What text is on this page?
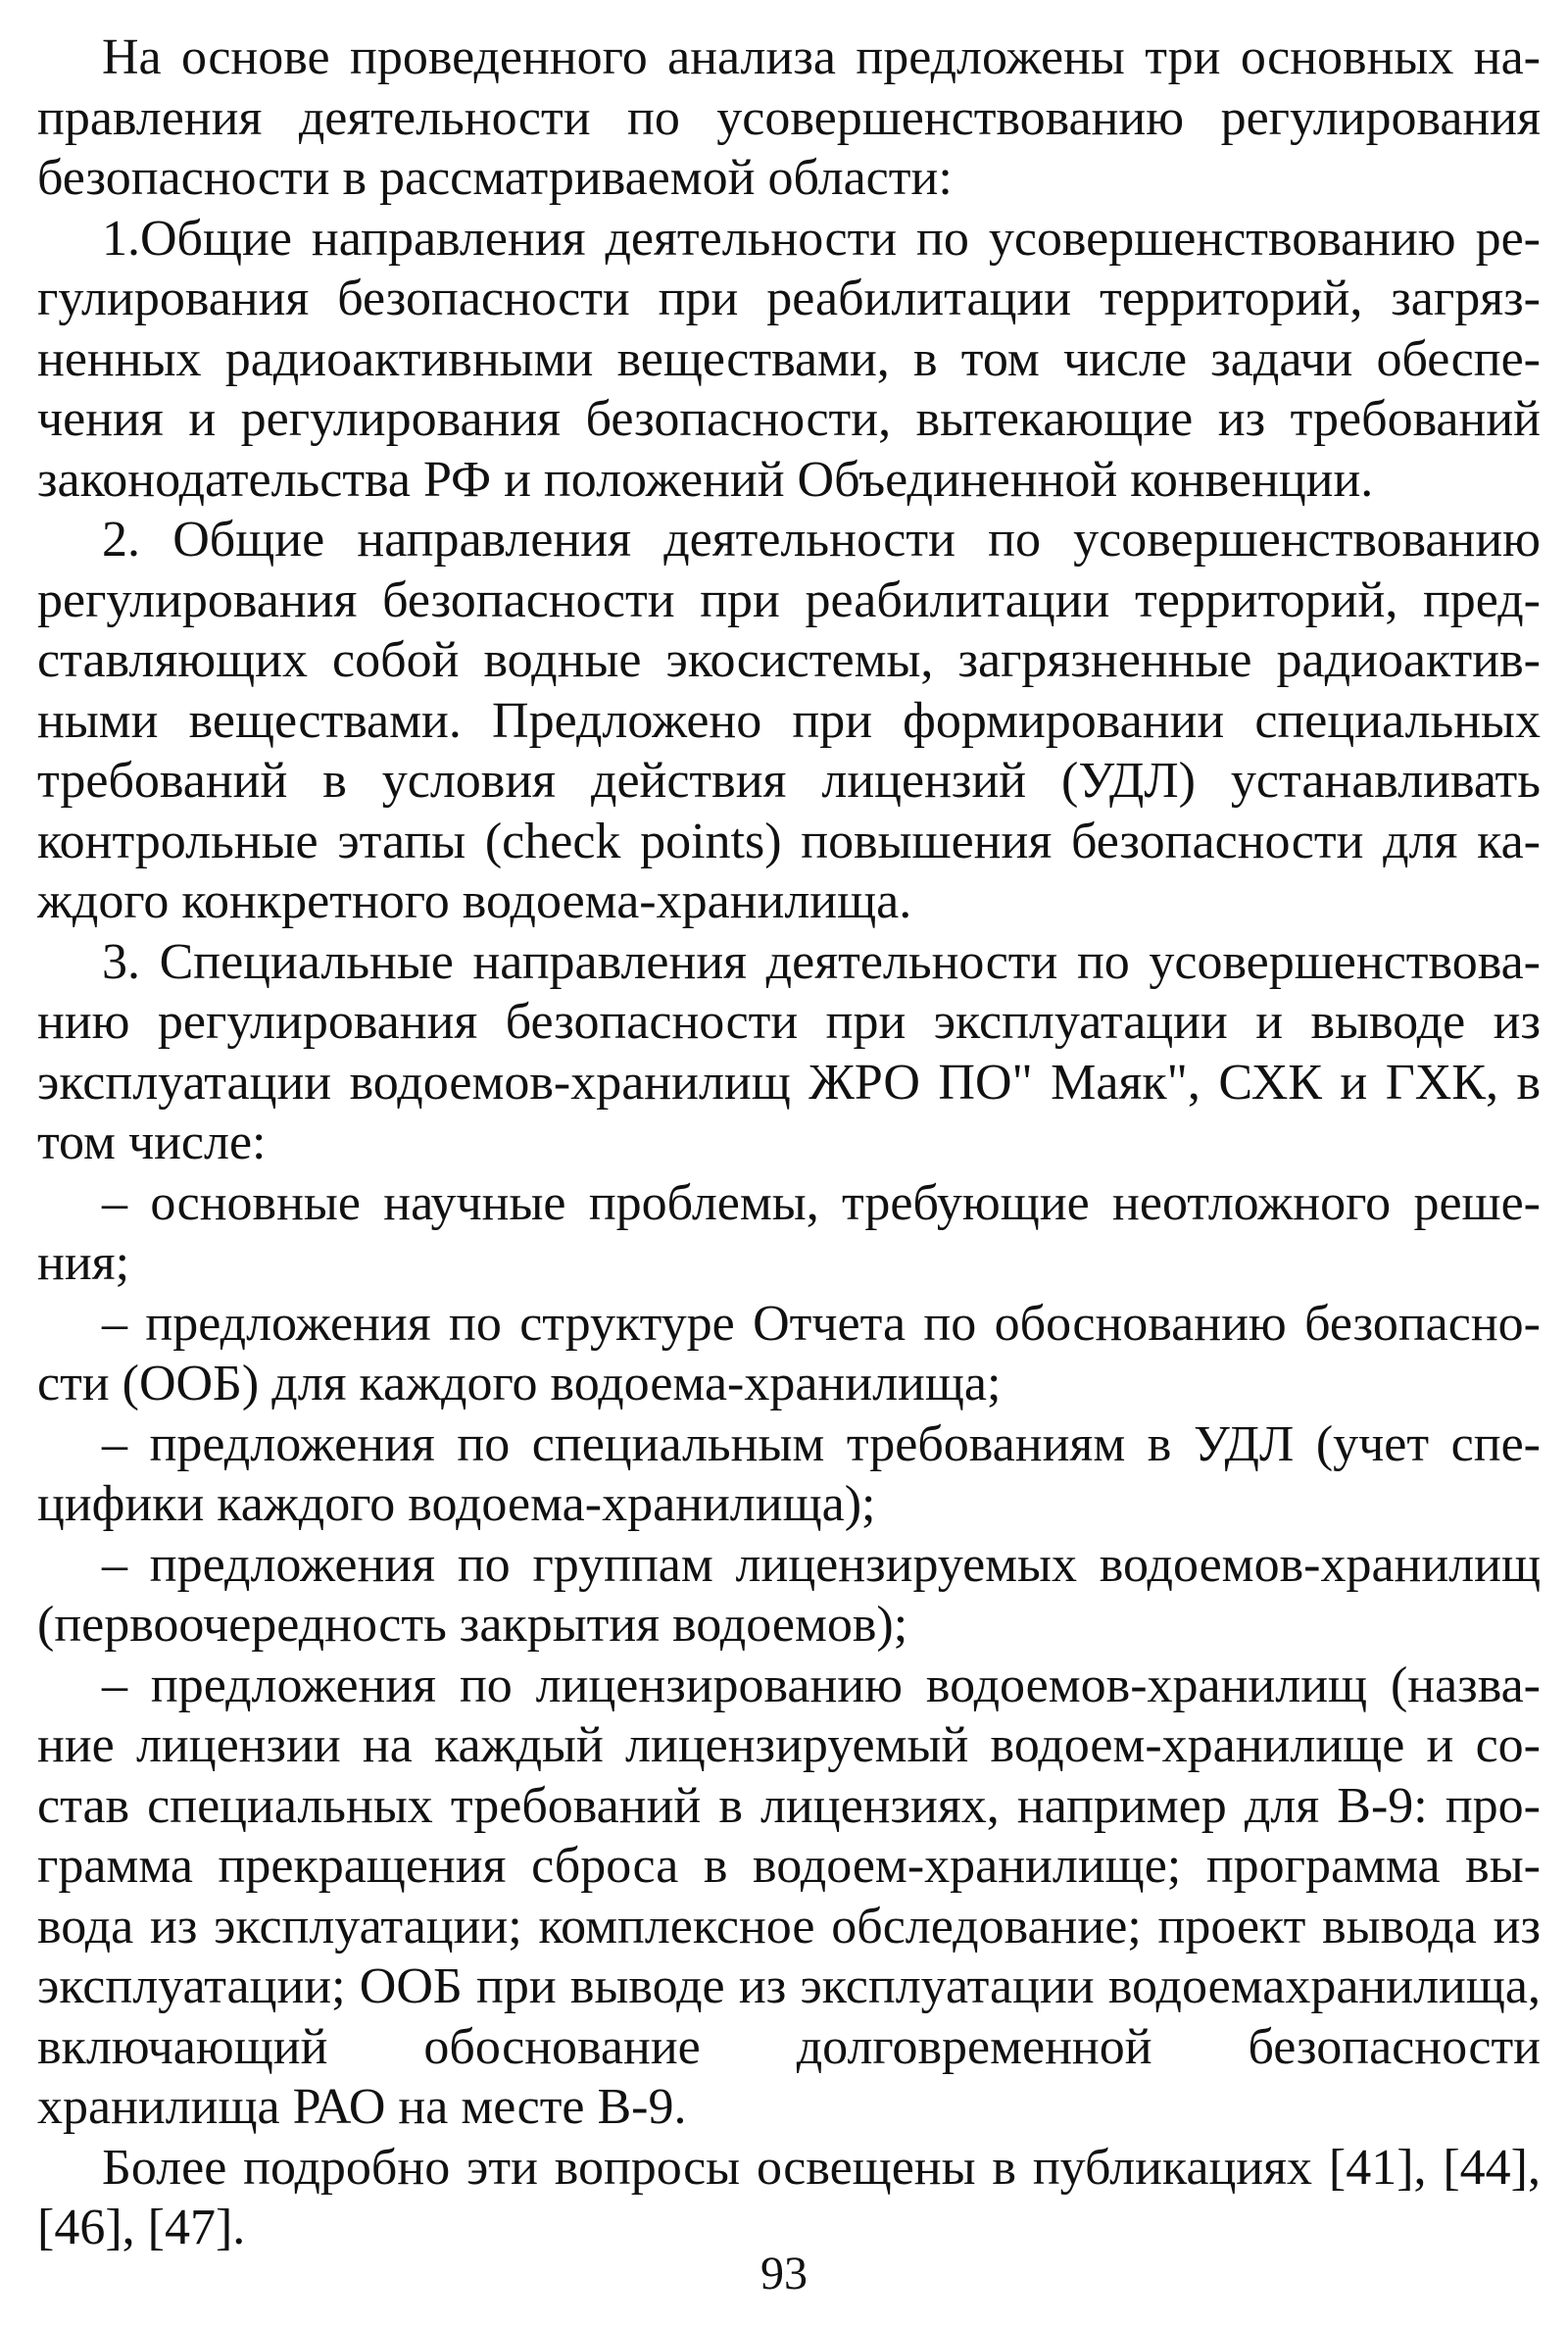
На основе проведенного анализа предложены три основных направления деятельности по усовершенствованию регулирования безопасности в рассматриваемой области:

1.Общие направления деятельности по усовершенствованию регулирования безопасности при реабилитации территорий, загрязненных радиоактивными веществами, в том числе задачи обеспечения и регулирования безопасности, вытекающие из требований законодательства РФ и положений Объединенной конвенции.

2. Общие направления деятельности по усовершенствованию регулирования безопасности при реабилитации территорий, представляющих собой водные экосистемы, загрязненные радиоактивными веществами. Предложено при формировании специальных требований в условия действия лицензий (УДЛ) устанавливать контрольные этапы (check points) повышения безопасности для каждого конкретного водоема-хранилища.

3. Специальные направления деятельности по усовершенствованию регулирования безопасности при эксплуатации и выводе из эксплуатации водоемов-хранилищ ЖРО ПО" Маяк", СХК и ГХК, в том числе:

– основные научные проблемы, требующие неотложного решения;

– предложения по структуре Отчета по обоснованию безопасности (ООБ) для каждого водоема-хранилища;

– предложения по специальным требованиям в УДЛ (учет специфики каждого водоема-хранилища);

– предложения по группам лицензируемых водоемов-хранилищ (первоочередность закрытия водоемов);

– предложения по лицензированию водоемов-хранилищ (название лицензии на каждый лицензируемый водоем-хранилище и состав специальных требований в лицензиях, например для В-9: программа прекращения сброса в водоем-хранилище; программа вывода из эксплуатации; комплексное обследование; проект вывода из эксплуатации; ООБ при выводе из эксплуатации водоемахранилища, включающий обоснование долговременной безопасности хранилища РАО на месте В-9.

Более подробно эти вопросы освещены в публикациях [41], [44], [46], [47].

93
